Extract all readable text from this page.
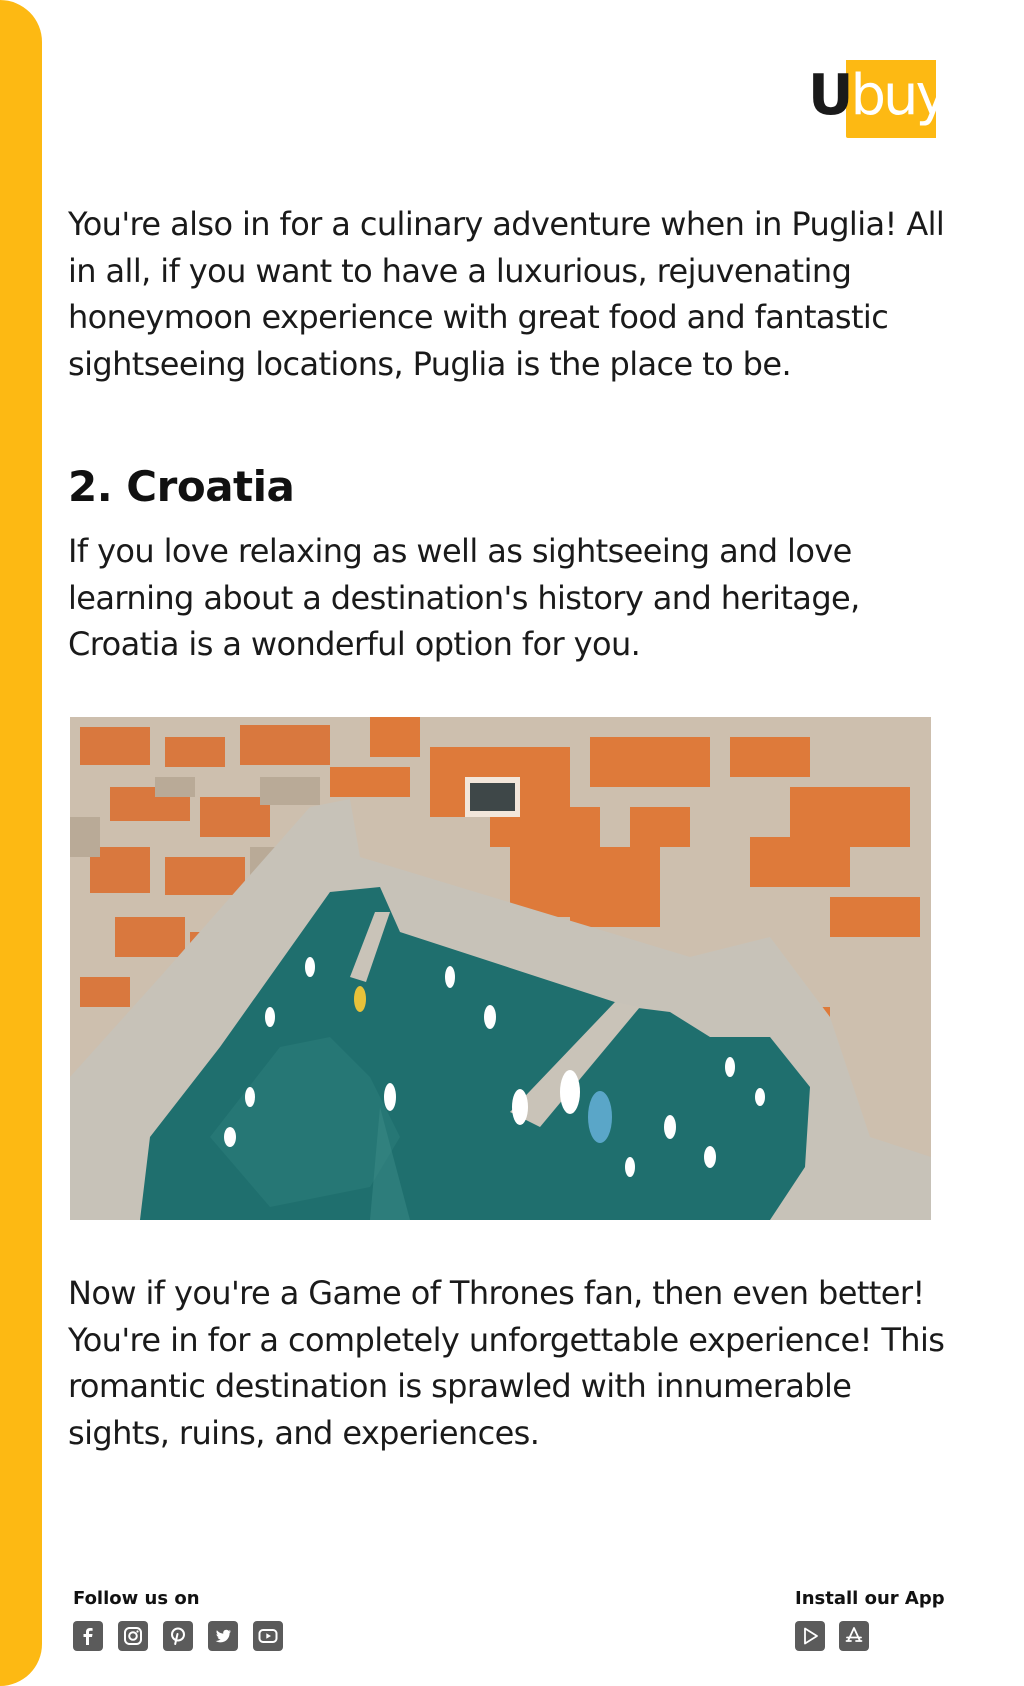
Ubuy

You're also in for a culinary adventure when in Puglia! All in all, if you want to have a luxurious, rejuvenating honeymoon experience with great food and fantastic sightseeing locations, Puglia is the place to be.

2. Croatia

If you love relaxing as well as sightseeing and love learning about a destination's history and heritage, Croatia is a wonderful option for you.

Now if you're a Game of Thrones fan, then even better! You're in for a completely unforgettable experience! This romantic destination is sprawled with innumerable sights, ruins, and experiences.

Follow us on	Install our App
